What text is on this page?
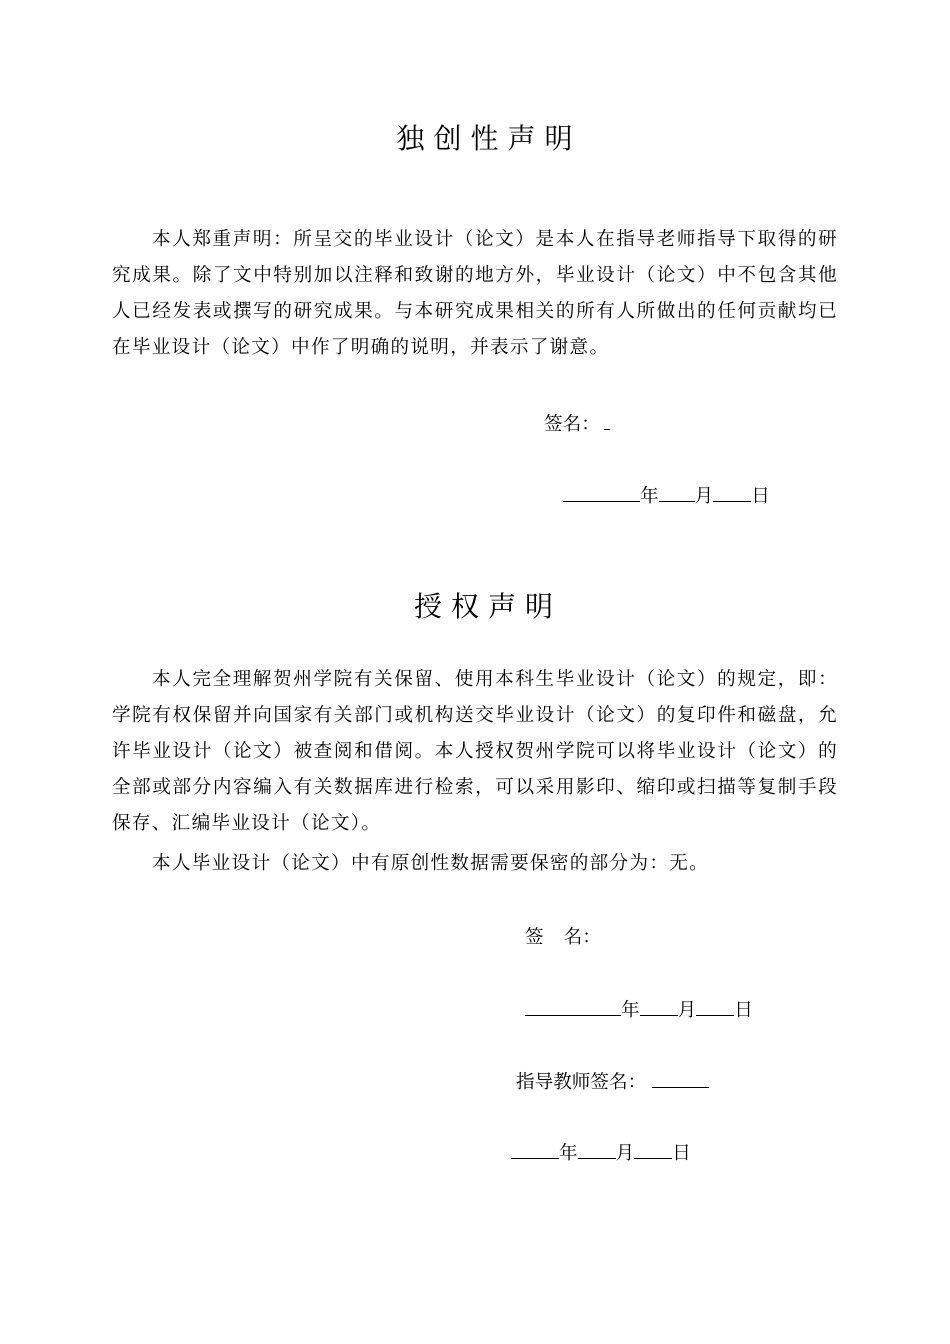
独创性声明

本人郑重声明：所呈交的毕业设计（论文）是本人在指导老师指导下取得的研究成果。除了文中特别加以注释和致谢的地方外，毕业设计（论文）中不包含其他人已经发表或撰写的研究成果。与本研究成果相关的所有人所做出的任何贡献均已在毕业设计（论文）中作了明确的说明，并表示了谢意。

签名：
年 月 日
授权声明

本人完全理解贺州学院有关保留、使用本科生毕业设计（论文）的规定，即：学院有权保留并向国家有关部门或机构送交毕业设计（论文）的复印件和磁盘，允许毕业设计（论文）被查阅和借阅。本人授权贺州学院可以将毕业设计（论文）的全部或部分内容编入有关数据库进行检索，可以采用影印、缩印或扫描等复制手段保存、汇编毕业设计（论文）。

本人毕业设计（论文）中有原创性数据需要保密的部分为：无。

签 名：
年 月 日
指导教师签名：
年 月 日
